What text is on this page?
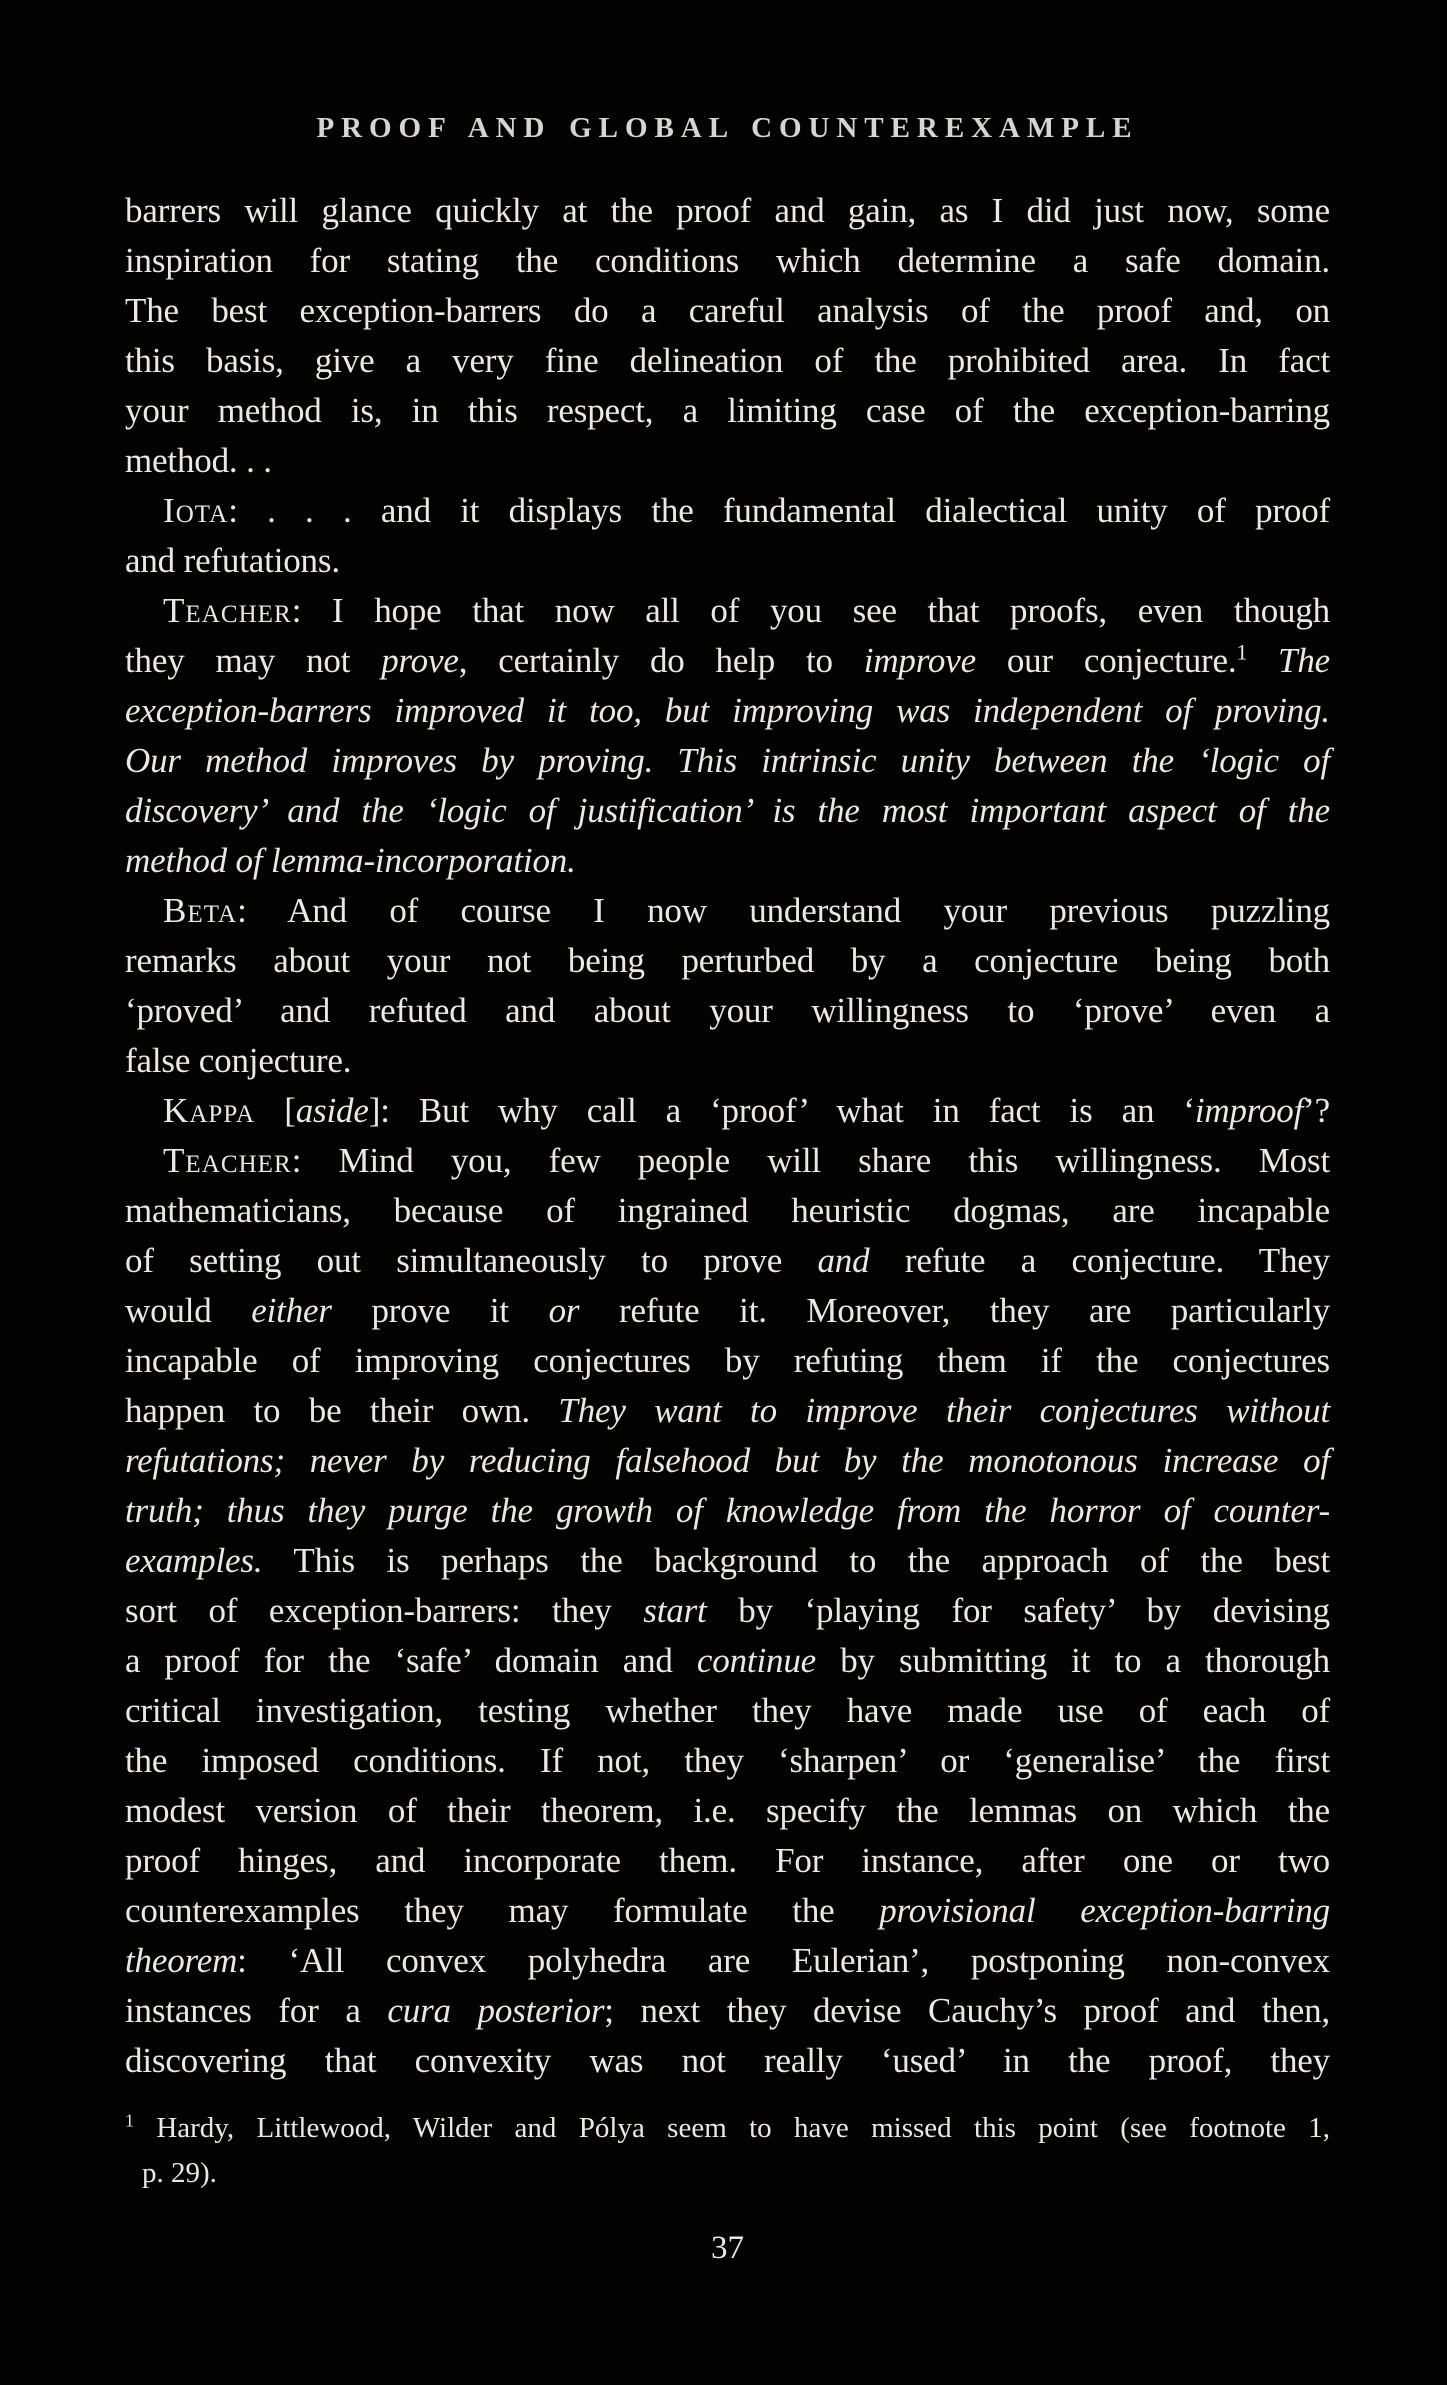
PROOF AND GLOBAL COUNTEREXAMPLE
barrers will glance quickly at the proof and gain, as I did just now, some
inspiration for stating the conditions which determine a safe domain.
The best exception-barrers do a careful analysis of the proof and, on
this basis, give a very fine delineation of the prohibited area. In fact
your method is, in this respect, a limiting case of the exception-barring
method. . .
Iota: . . . and it displays the fundamental dialectical unity of proof
and refutations.
Teacher: I hope that now all of you see that proofs, even though
they may not prove, certainly do help to improve our conjecture.$^1$ The
exception-barrers improved it too, but improving was independent of proving.
Our method improves by proving. This intrinsic unity between the ‘logic of
discovery’ and the ‘logic of justification’ is the most important aspect of the
method of lemma-incorporation.
Beta: And of course I now understand your previous puzzling
remarks about your not being perturbed by a conjecture being both
‘proved’ and refuted and about your willingness to ‘prove’ even a
false conjecture.
Kappa [aside]: But why call a ‘proof’ what in fact is an ‘improof’?
Teacher: Mind you, few people will share this willingness. Most
mathematicians, because of ingrained heuristic dogmas, are incapable
of setting out simultaneously to prove and refute a conjecture. They
would either prove it or refute it. Moreover, they are particularly
incapable of improving conjectures by refuting them if the conjectures
happen to be their own. They want to improve their conjectures without
refutations; never by reducing falsehood but by the monotonous increase of
truth; thus they purge the growth of knowledge from the horror of counter-
examples. This is perhaps the background to the approach of the best
sort of exception-barrers: they start by ‘playing for safety’ by devising
a proof for the ‘safe’ domain and continue by submitting it to a thorough
critical investigation, testing whether they have made use of each of
the imposed conditions. If not, they ‘sharpen’ or ‘generalise’ the first
modest version of their theorem, i.e. specify the lemmas on which the
proof hinges, and incorporate them. For instance, after one or two
counterexamples they may formulate the provisional exception-barring
theorem: ‘All convex polyhedra are Eulerian’, postponing non-convex
instances for a cura posterior; next they devise Cauchy’s proof and then,
discovering that convexity was not really ‘used’ in the proof, they
$^1$ Hardy, Littlewood, Wilder and Pólya seem to have missed this point (see footnote 1,
p. 29).
37
